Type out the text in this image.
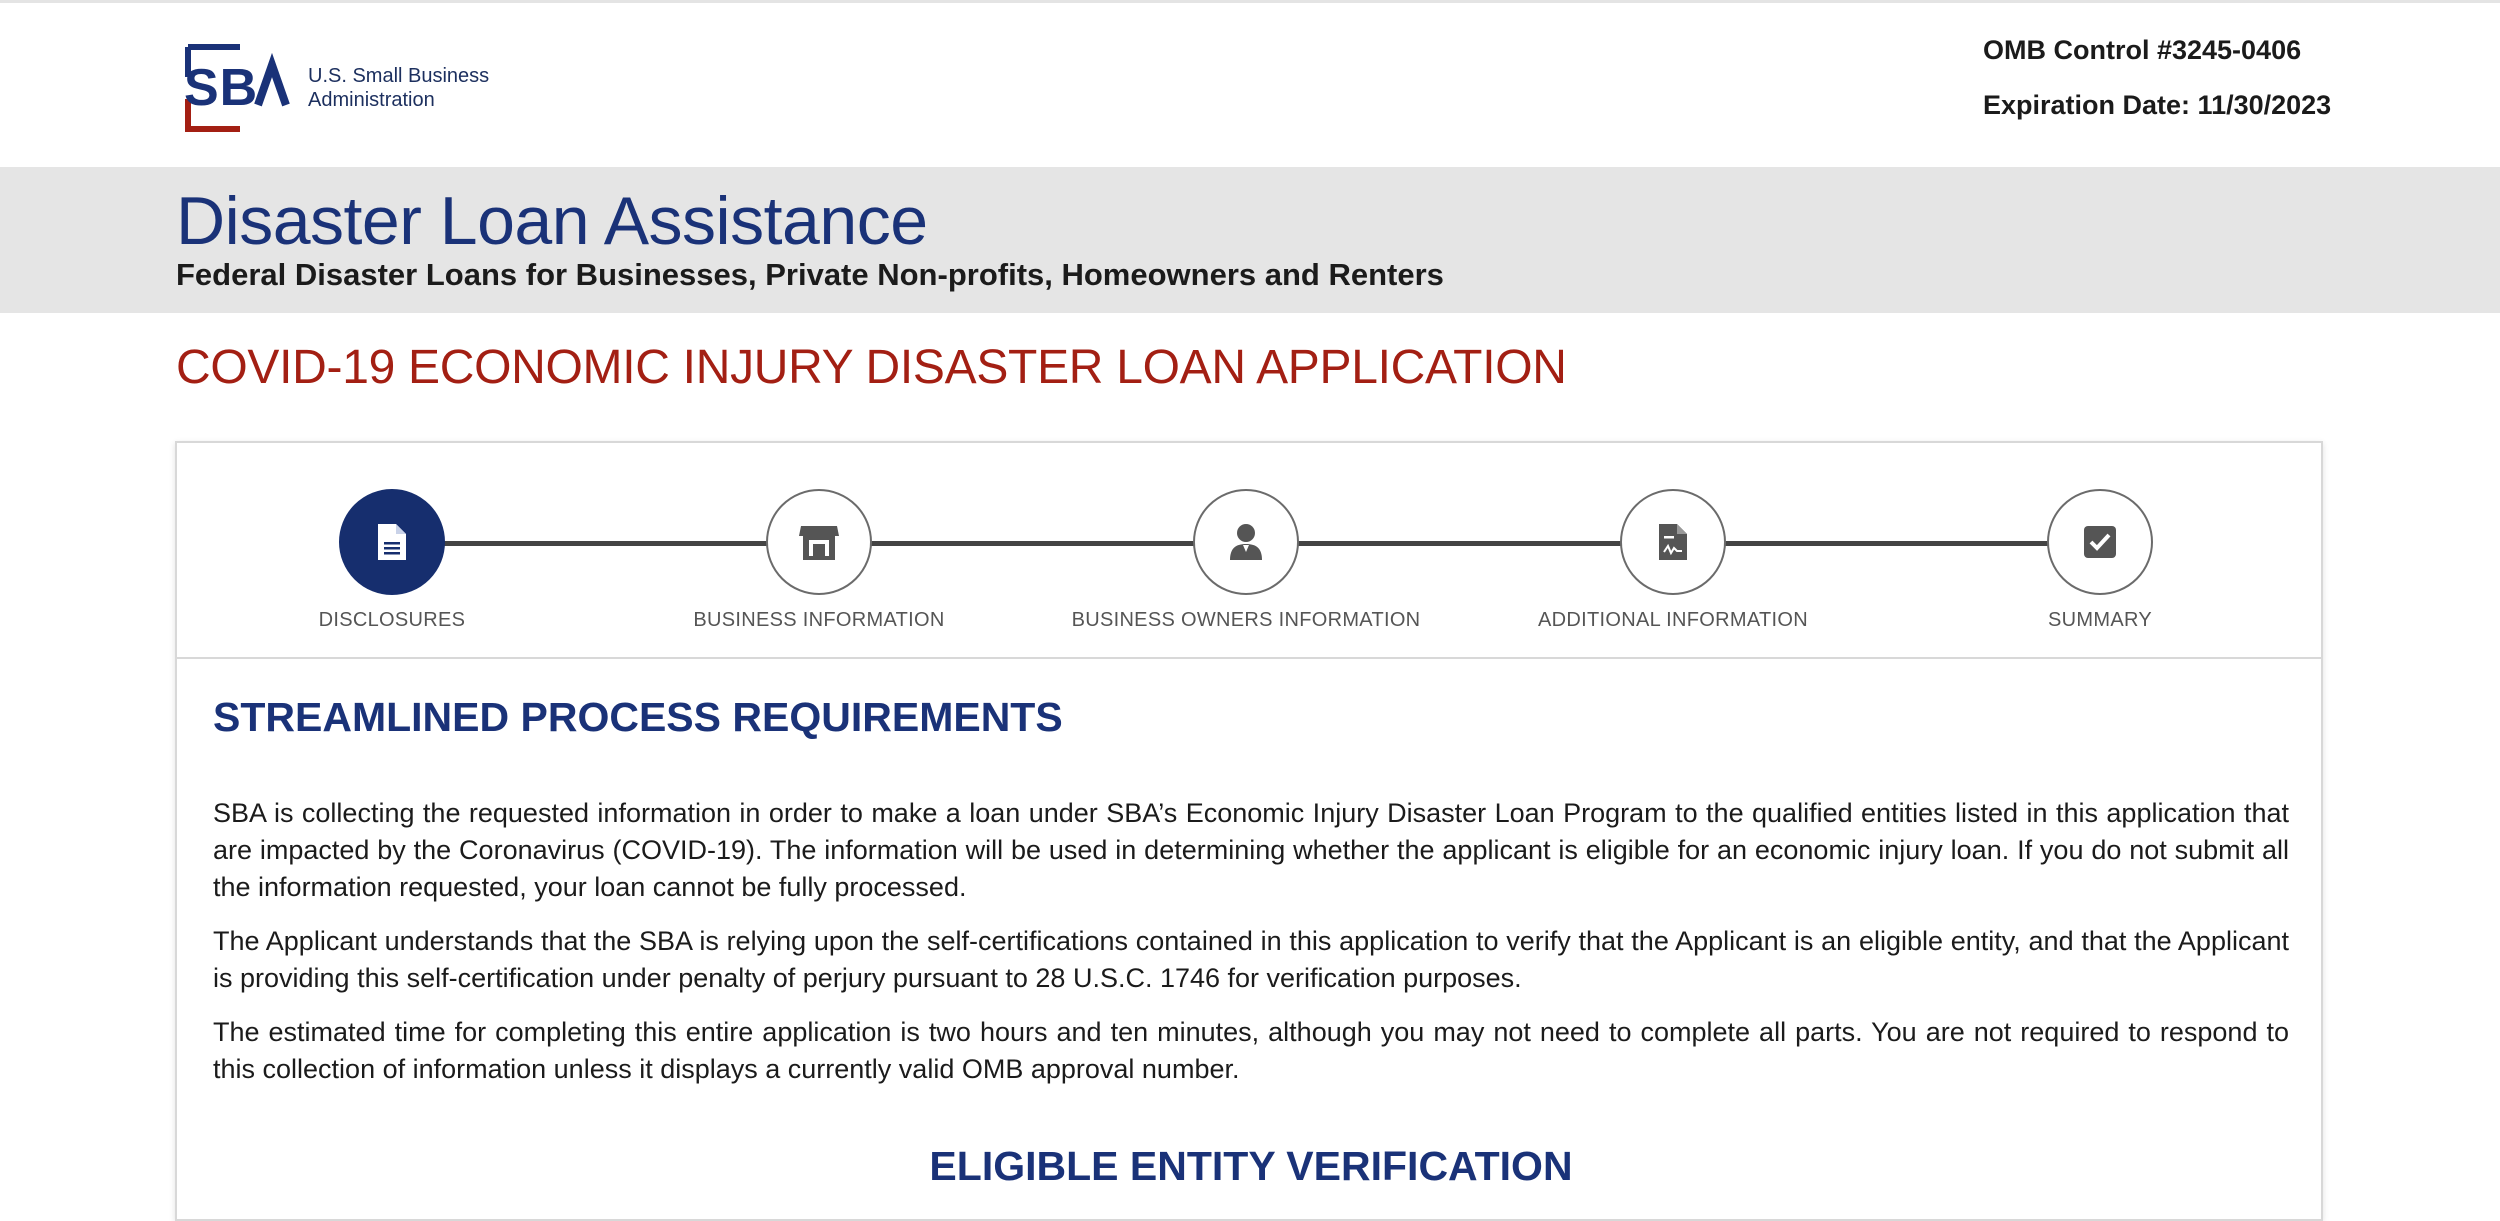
SB U.S. Small Business
Administration
OMB Control #3245-0406
Expiration Date: 11/30/2023
Disaster Loan Assistance
Federal Disaster Loans for Businesses, Private Non-profits, Homeowners and Renters
COVID-19 ECONOMIC INJURY DISASTER LOAN APPLICATION
DISCLOSURES	BUSINESS INFORMATION	BUSINESS OWNERS INFORMATION	ADDITIONAL INFORMATION	SUMMARY
STREAMLINED PROCESS REQUIREMENTS

SBA is collecting the requested information in order to make a loan under SBA’s Economic Injury Disaster Loan Program to the qualified entities listed in this application that are impacted by the Coronavirus (COVID-19). The information will be used in determining whether the applicant is eligible for an economic injury loan. If you do not submit all the information requested, your loan cannot be fully processed.

The Applicant understands that the SBA is relying upon the self-certifications contained in this application to verify that the Applicant is an eligible entity, and that the Applicant is providing this self-certification under penalty of perjury pursuant to 28 U.S.C. 1746 for verification purposes.

The estimated time for completing this entire application is two hours and ten minutes, although you may not need to complete all parts. You are not required to respond to this collection of information unless it displays a currently valid OMB approval number.

ELIGIBLE ENTITY VERIFICATION
